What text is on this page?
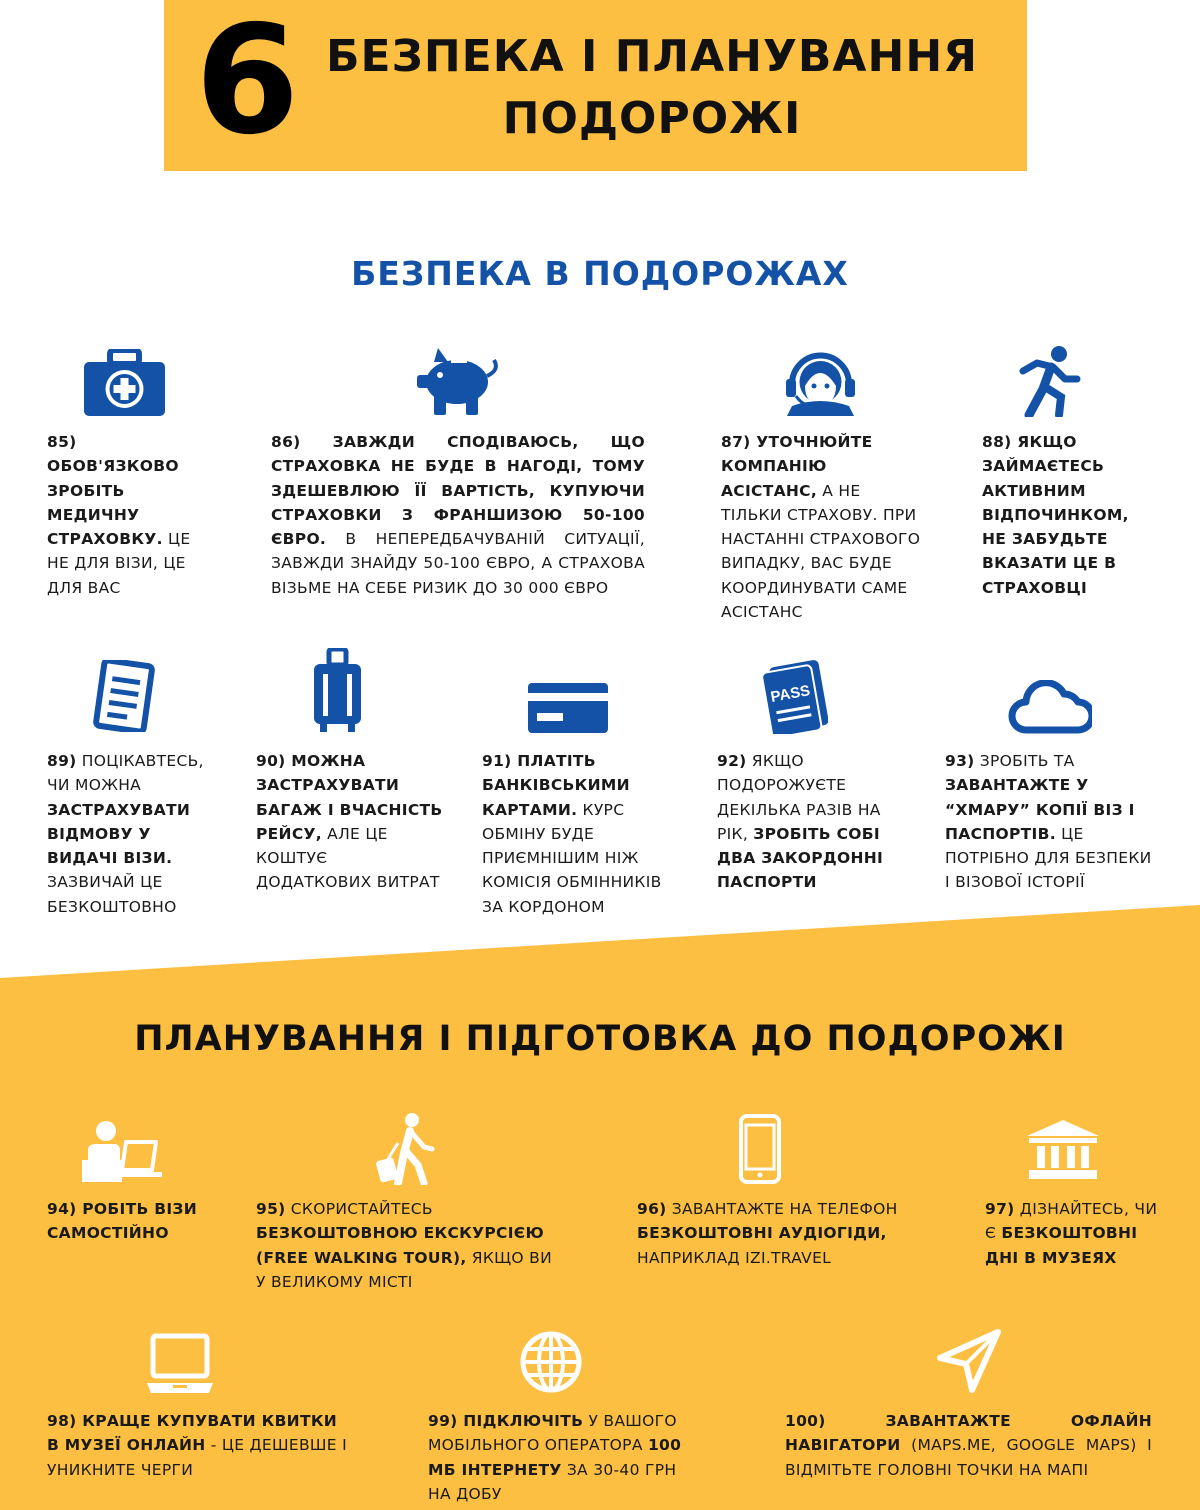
6 БЕЗПЕКА І ПЛАНУВАННЯ
ПОДОРОЖІ
БЕЗПЕКА В ПОДОРОЖАХ
85) ОБОВ'ЯЗКОВО ЗРОБІТЬ МЕДИЧНУ СТРАХОВКУ. ЦЕ НЕ ДЛЯ ВІЗИ, ЦЕ ДЛЯ ВАС
86) ЗАВЖДИ СПОДІВАЮСЬ, ЩО СТРАХОВКА НЕ БУДЕ В НАГОДІ, ТОМУ ЗДЕШЕВЛЮЮ ЇЇ ВАРТІСТЬ, КУПУЮЧИ СТРАХОВКИ З ФРАНШИЗОЮ 50-100 ЄВРО. В НЕПЕРЕДБАЧУВАНІЙ СИТУАЦІЇ, ЗАВЖДИ ЗНАЙДУ 50-100 ЄВРО, А СТРАХОВА ВІЗЬМЕ НА СЕБЕ РИЗИК ДО 30 000 ЄВРО
87) УТОЧНЮЙТЕ КОМПАНІЮ АСІСТАНС, А НЕ ТІЛЬКИ СТРАХОВУ. ПРИ НАСТАННІ СТРАХОВОГО ВИПАДКУ, ВАС БУДЕ КООРДИНУВАТИ САМЕ АСІСТАНС
88) ЯКЩО ЗАЙМАЄТЕСЬ АКТИВНИМ ВІДПОЧИНКОМ, НЕ ЗАБУДЬТЕ ВКАЗАТИ ЦЕ В СТРАХОВЦІ
PASS
89) ПОЦІКАВТЕСЬ, ЧИ МОЖНА ЗАСТРАХУВАТИ ВІДМОВУ У ВИДАЧІ ВІЗИ. ЗАЗВИЧАЙ ЦЕ БЕЗКОШТОВНО
90) МОЖНА ЗАСТРАХУВАТИ БАГАЖ І ВЧАСНІСТЬ РЕЙСУ, АЛЕ ЦЕ КОШТУЄ ДОДАТКОВИХ ВИТРАТ
91) ПЛАТІТЬ БАНКІВСЬКИМИ КАРТАМИ. КУРС ОБМІНУ БУДЕ ПРИЄМНІШИМ НІЖ КОМІСІЯ ОБМІННИКІВ ЗА КОРДОНОМ
92) ЯКЩО ПОДОРОЖУЄТЕ ДЕКІЛЬКА РАЗІВ НА РІК, ЗРОБІТЬ СОБІ ДВА ЗАКОРДОННІ ПАСПОРТИ
93) ЗРОБІТЬ ТА ЗАВАНТАЖТЕ У “ХМАРУ” КОПІЇ ВІЗ І ПАСПОРТІВ. ЦЕ ПОТРІБНО ДЛЯ БЕЗПЕКИ І ВІЗОВОЇ ІСТОРІЇ
ПЛАНУВАННЯ І ПІДГОТОВКА ДО ПОДОРОЖІ
94) РОБІТЬ ВІЗИ САМОСТІЙНО
95) СКОРИСТАЙТЕСЬ БЕЗКОШТОВНОЮ ЕКСКУРСІЄЮ (FREE WALKING TOUR), ЯКЩО ВИ У ВЕЛИКОМУ МІСТІ
96) ЗАВАНТАЖТЕ НА ТЕЛЕФОН БЕЗКОШТОВНІ АУДІОГІДИ, НАПРИКЛАД IZI.TRAVEL
97) ДІЗНАЙТЕСЬ, ЧИ Є БЕЗКОШТОВНІ ДНІ В МУЗЕЯХ
98) КРАЩЕ КУПУВАТИ КВИТКИ В МУЗЕЇ ОНЛАЙН - ЦЕ ДЕШЕВШЕ І УНИКНИТЕ ЧЕРГИ
99) ПІДКЛЮЧІТЬ У ВАШОГО МОБІЛЬНОГО ОПЕРАТОРА 100 МБ ІНТЕРНЕТУ ЗА 30-40 ГРН НА ДОБУ
100) ЗАВАНТАЖТЕ ОФЛАЙН НАВІГАТОРИ (MAPS.ME, GOOGLE MAPS) І ВІДМІТЬТЕ ГОЛОВНІ ТОЧКИ НА МАПІ
